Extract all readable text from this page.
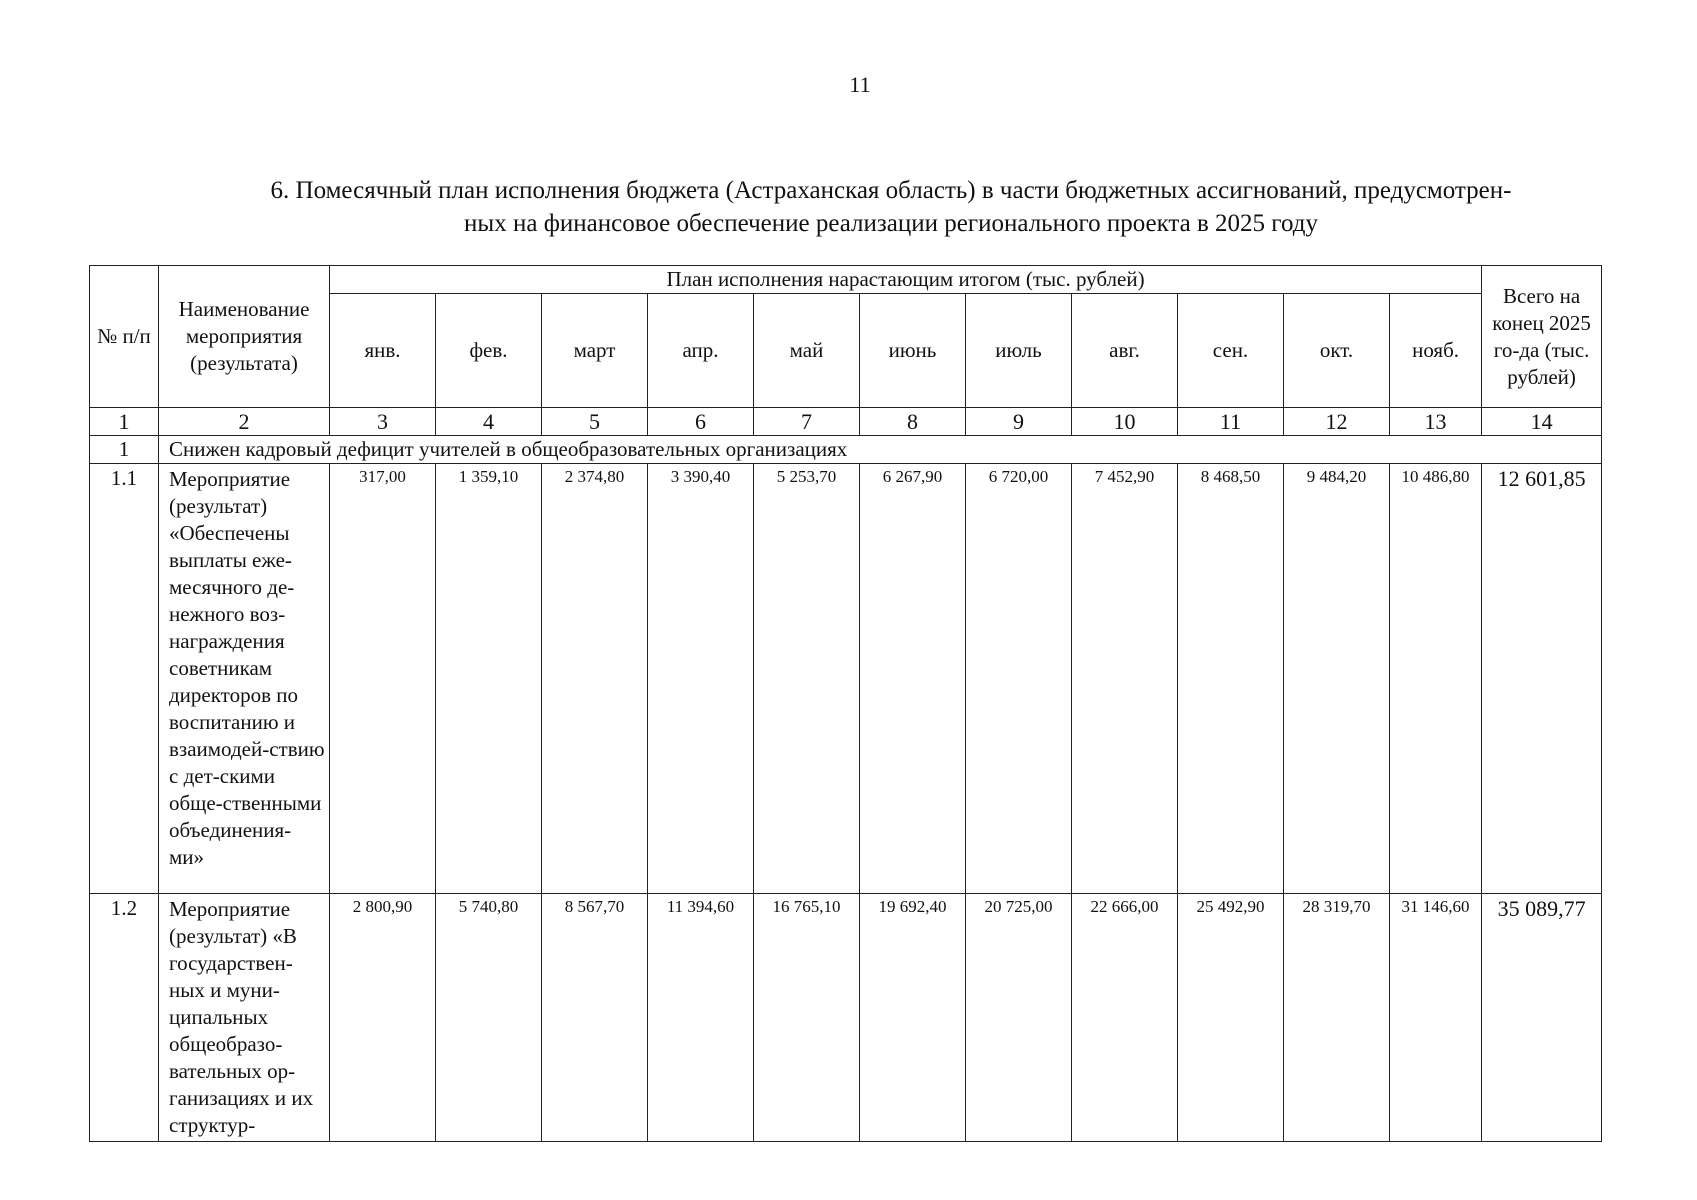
11
6. Помесячный план исполнения бюджета (Астраханская область) в части бюджетных ассигнований, предусмотрен-
ных на финансовое обеспечение реализации регионального проекта в 2025 году
№ п/п	Наименование мероприятия (результата)	План исполнения нарастающим итогом (тыс. рублей)											Всего на конец 2025 го-да (тыс. рублей)
		янв.	фев.	март	апр.	май	июнь	июль	авг.	сен.	окт.	нояб.	
1	2	3	4	5	6	7	8	9	10	11	12	13	14
1	Снижен кадровый дефицит учителей в общеобразовательных организациях												
1.1	Мероприятие (результат) «Обеспечены выплаты еже-месячного де-нежного воз-награждения советникам директоров по воспитанию и взаимодей-ствию с дет-скими обще-ственными объединения-ми»	317,00	1 359,10	2 374,80	3 390,40	5 253,70	6 267,90	6 720,00	7 452,90	8 468,50	9 484,20	10 486,80	12 601,85
1.2	Мероприятие (результат) «В государствен-ных и муни-ципальных общеобразо-вательных ор-ганизациях и их структур-	2 800,90	5 740,80	8 567,70	11 394,60	16 765,10	19 692,40	20 725,00	22 666,00	25 492,90	28 319,70	31 146,60	35 089,77
